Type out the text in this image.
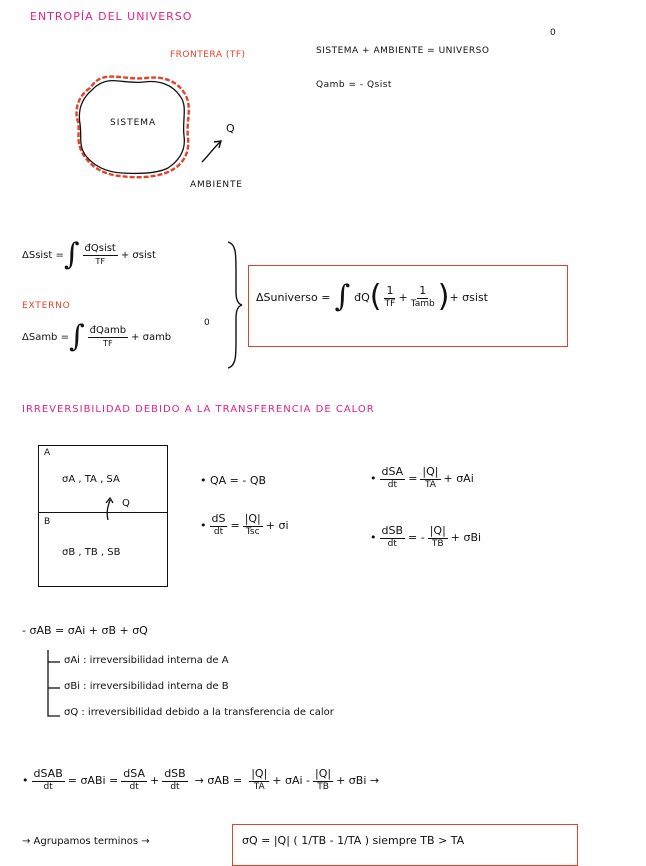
ENTROPÍA DEL UNIVERSO
FRONTERA (TF)
SISTEMA	Q
AMBIENTE
SISTEMA + AMBIENTE = UNIVERSO
0
Qamb = - Qsist
ΔSsist = ∫ $\frac{\text{đQsist}}{TF}$ + σsist
EXTERNO
ΔSamb = ∫ $\frac{\text{đQamb}}{TF} + \sigma amb$
0
ΔSuniverso = ∫ đQ ( $\frac{1}{TF} + \frac{1}{\text{Tamb}}$ ) + σsist
IRREVERSIBILIDAD DEBIDO A LA TRANSFERENCIA DE CALOR
A
σA , TA , SA
Q
B
σB , TB , SB
• QA = - QB
• $\frac{dS}{dt} = \frac{|Q|}{\text{Tsc}} + \sigma i$
• $\frac{\text{dSA}}{dt} = \frac{|Q|}{TA} + \sigma Ai$
• $\frac{\text{dSB}}{dt}$ = - $\frac{|Q|}{TB} + \sigma Bi$
- σAB = σAi + σB + σQ
σAi : irreversibilidad interna de A
σBi : irreversibilidad interna de B
σQ : irreversibilidad debido a la transferencia de calor
• $\frac{\text{dSAB}}{dt} = \sigma ABi = \frac{\text{dSA}}{dt} + \frac{\text{dSB}}{dt} \to \sigma AB = \frac{|Q|}{TA} + \sigma Ai - \frac{|Q|}{TB} + \sigma Bi$ →
→ Agrupamos terminos →	σQ = |Q| ( 1/TB - 1/TA ) siempre TB > TA
